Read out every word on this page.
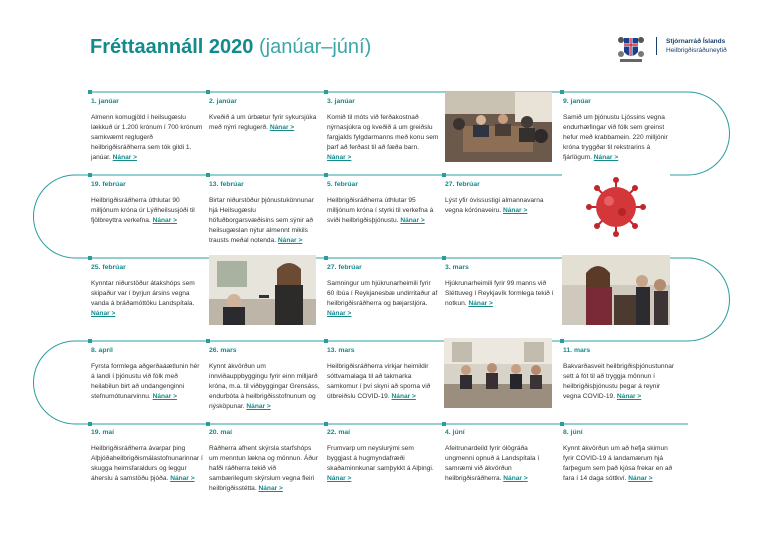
Fréttaannáll 2020 (janúar–júní)	Stjórnarráð Íslands
Heilbrigðisráðuneytið
1. janúar
Almenn komugjöld í heilsugæslu lækkuð úr 1.200 krónum í 700 krónum samkvæmt reglugerð heilbrigðisráðherra sem tók gildi 1. janúar. Nánar >
2. janúar
Kveðið á um úrbætur fyrir sykursjúka með nýrri reglugerð. Nánar >
3. janúar
Komið til móts við ferðakostnað nýrnasjúkra og kveðið á um greiðslu fargjalds fylgdarmanns með konu sem þarf að ferðast til að fæða barn. Nánar >
9. janúar
Samið um þjónustu Ljóssins vegna endurhæfingar við fólk sem greinst hefur með krabbamein. 220 milljónir króna tryggðar til rekstrarins á fjárlögum. Nánar >
19. febrúar
Heilbrigðisráðherra úthlutar 90 milljónum króna úr Lýðheilsusjóði til fjölbreyttra verkefna. Nánar >
13. febrúar
Birtar niðurstöður þjónustukönnunar hjá Heilsugæslu höfuðborgarsvæðisins sem sýnir að heilsugæslan nýtur almennt mikils trausts meðal notenda. Nánar >
5. febrúar
Heilbrigðisráðherra úthlutar 95 milljónum króna í styrki til verkefna á sviði heilbrigðisþjónustu. Nánar >
27. febrúar
Lýst yfir óvissustigi almannavarna vegna kórónaveiru. Nánar >
25. febrúar
Kynntar niðurstöður átakshóps sem skipaður var í byrjun ársins vegna vanda á bráðamóttöku Landspítala. Nánar >
27. febrúar
Samningur um hjúkrunarheimili fyrir 60 íbúa í Reykjanesbæ undirritaður af heilbrigðisráðherra og bæjarstjóra. Nánar >
3. mars
Hjúkrunarheimili fyrir 99 manns við Sléttuveg í Reykjavík formlega tekið í notkun. Nánar >
8. apríl
Fyrsta formlega aðgerðaáætlunin hér á landi í þjónustu við fólk með heilabilun birt að undangenginni stefnumótunarvinnu. Nánar >
26. mars
Kynnt ákvörðun um innviðauppbyggingu fyrir einn milljarð króna, m.a. til viðbyggingar Grensáss, endurbóta á heilbrigðisstofnunum og nýsköpunar. Nánar >
13. mars
Heilbrigðisráðherra virkjar heimildir sóttvarnalaga til að takmarka samkomur í því skyni að sporna við útbreiðslu COVID-19. Nánar >
11. mars
Bakvarðasveit heilbrigðisþjónustunnar sett á fót til að tryggja mönnun í heilbrigðisþjónustu þegar á reynir vegna COVID-19. Nánar >
19. maí
Heilbrigðisráðherra ávarpar þing Alþjóðaheilbrigðismálastofnunarinnar í skugga heimsfaraldurs og leggur áherslu á samstöðu þjóða. Nánar >
20. maí
Ráðherra afhent skýrsla starfshóps um menntun lækna og mönnun. Áður hafði ráðherra tekið við sambærilegum skýrslum vegna fleiri heilbrigðisstétta. Nánar >
22. maí
Frumvarp um neyslurými sem byggjast á hugmyndafræði skaðaminnkunar samþykkt á Alþingi. Nánar >
4. júní
Afeitrunardeild fyrir ólögráða ungmenni opnuð á Landspítala í samræmi við ákvörðun heilbrigðisráðherra. Nánar >
8. júní
Kynnt ákvörðun um að hefja skimun fyrir COVID-19 á landamærum hjá farþegum sem það kjósa frekar en að fara í 14 daga sóttkví. Nánar >
